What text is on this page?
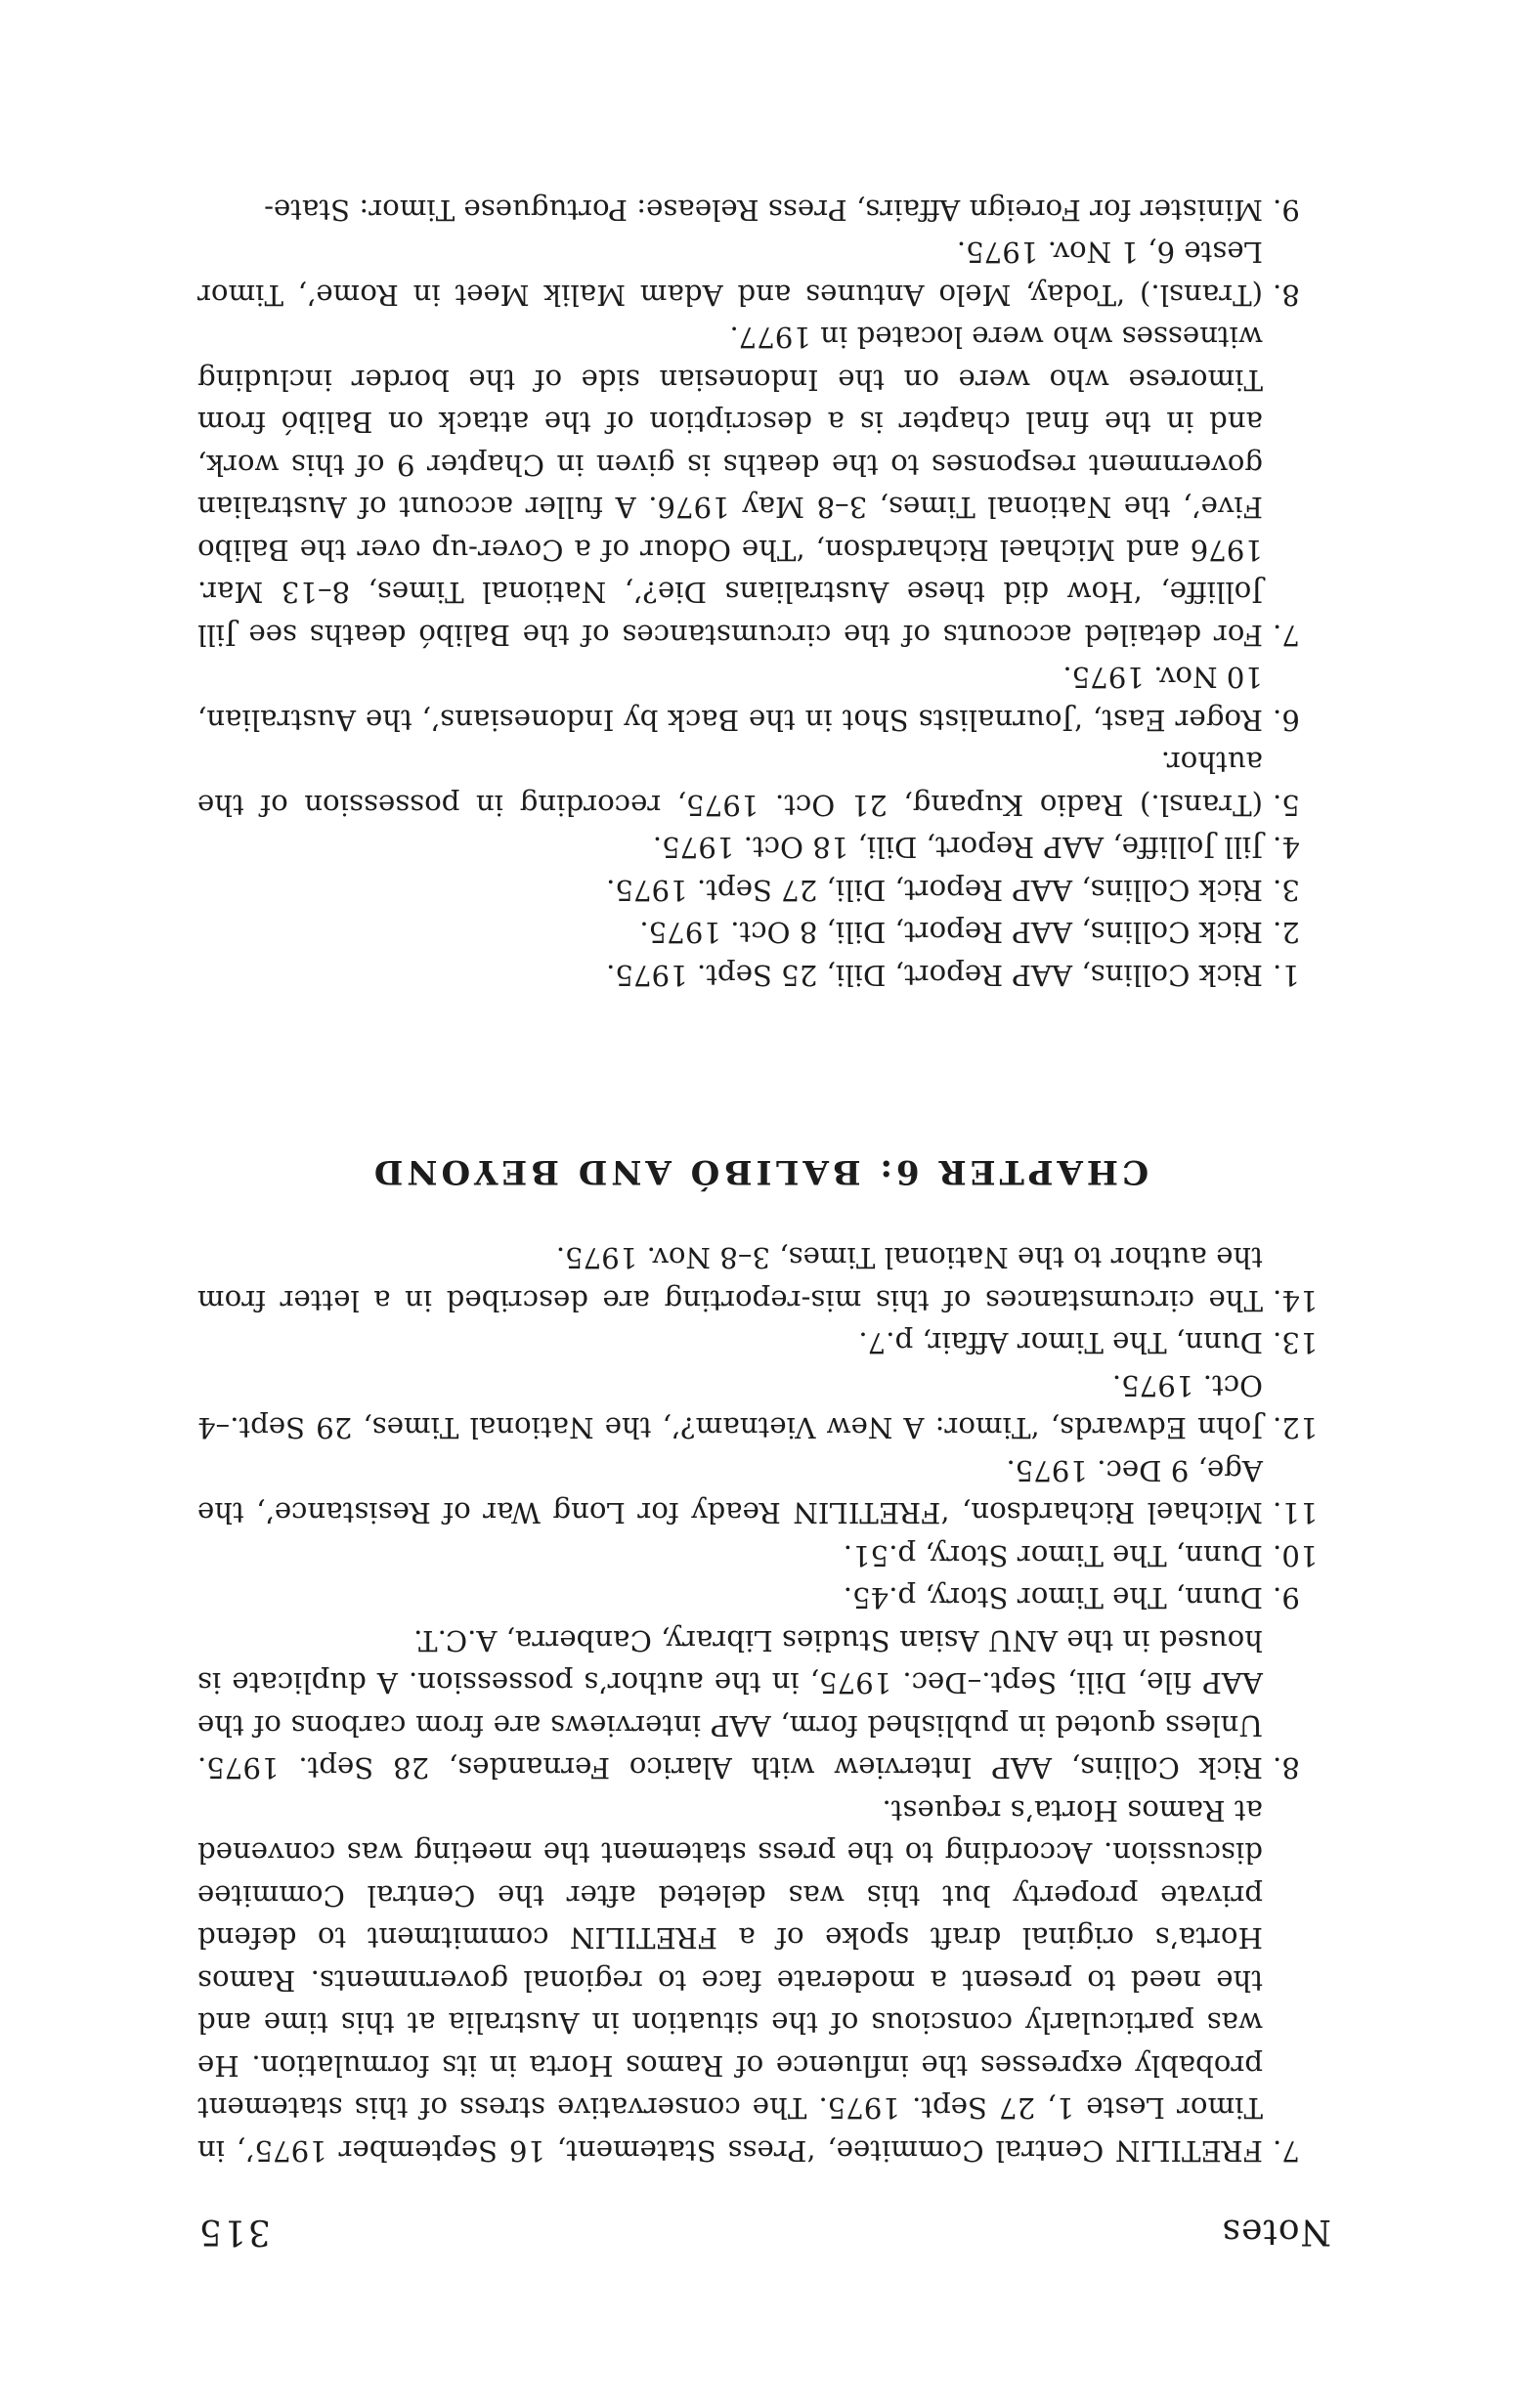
Notes
315
7.
FRETILIN Central Commitee, ‘Press Statement, 16 September 1975’, in Timor Leste 1, 27 Sept. 1975. The conservative stress of this statement probably expresses the influence of Ramos Horta in its formulation. He was particularly conscious of the situation in Australia at this time and the need to present a moderate face to regional governments. Ramos Horta’s original draft spoke of a FRETILIN commitment to defend private property but this was deleted after the Central Commitee discussion. According to the press statement the meeting was convened at Ramos Horta’s request.
8.
Rick Collins, AAP Interview with Alarico Fernandes, 28 Sept. 1975. Unless quoted in published form, AAP interviews are from carbons of the AAP file, Dili, Sept.–Dec. 1975, in the author’s possession. A duplicate is housed in the ANU Asian Studies Library, Canberra, A.C.T.
9.
Dunn, The Timor Story, p.45.
10.
Dunn, The Timor Story, p.51.
11.
Michael Richardson, ‘FRETILIN Ready for Long War of Resistance’, the Age, 9 Dec. 1975.
12.
John Edwards, ‘Timor: A New Vietnam?’, the National Times, 29 Sept.–4 Oct. 1975.
13.
Dunn, The Timor Affair, p.7.
14.
The circumstances of this mis-reporting are described in a letter from the author to the National Times, 3–8 Nov. 1975.
CHAPTER 6: BALIBÓ AND BEYOND
1.
Rick Collins, AAP Report, Dili, 25 Sept. 1975.
2.
Rick Collins, AAP Report, Dili, 8 Oct. 1975.
3.
Rick Collins, AAP Report, Dili, 27 Sept. 1975.
4.
Jill Jolliffe, AAP Report, Dili, 18 Oct. 1975.
5.
(Transl.) Radio Kupang, 21 Oct. 1975, recording in possession of the author.
6.
Roger East, ‘Journalists Shot in the Back by Indonesians’, the Australian, 10 Nov. 1975.
7.
For detailed accounts of the circumstances of the Balibó deaths see Jill Jolliffe, ‘How did these Australians Die?’, National Times, 8–13 Mar. 1976 and Michael Richardson, ‘The Odour of a Cover-up over the Balibo Five’, the National Times, 3–8 May 1976. A fuller account of Australian government responses to the deaths is given in Chapter 9 of this work, and in the final chapter is a description of the attack on Balibó from Timorese who were on the Indonesian side of the border including witnesses who were located in 1977.
8.
(Transl.) ‘Today, Melo Antunes and Adam Malik Meet in Rome’, Timor Leste 6, 1 Nov. 1975.
9.
Minister for Foreign Affairs, Press Release: Portuguese Timor: State-
